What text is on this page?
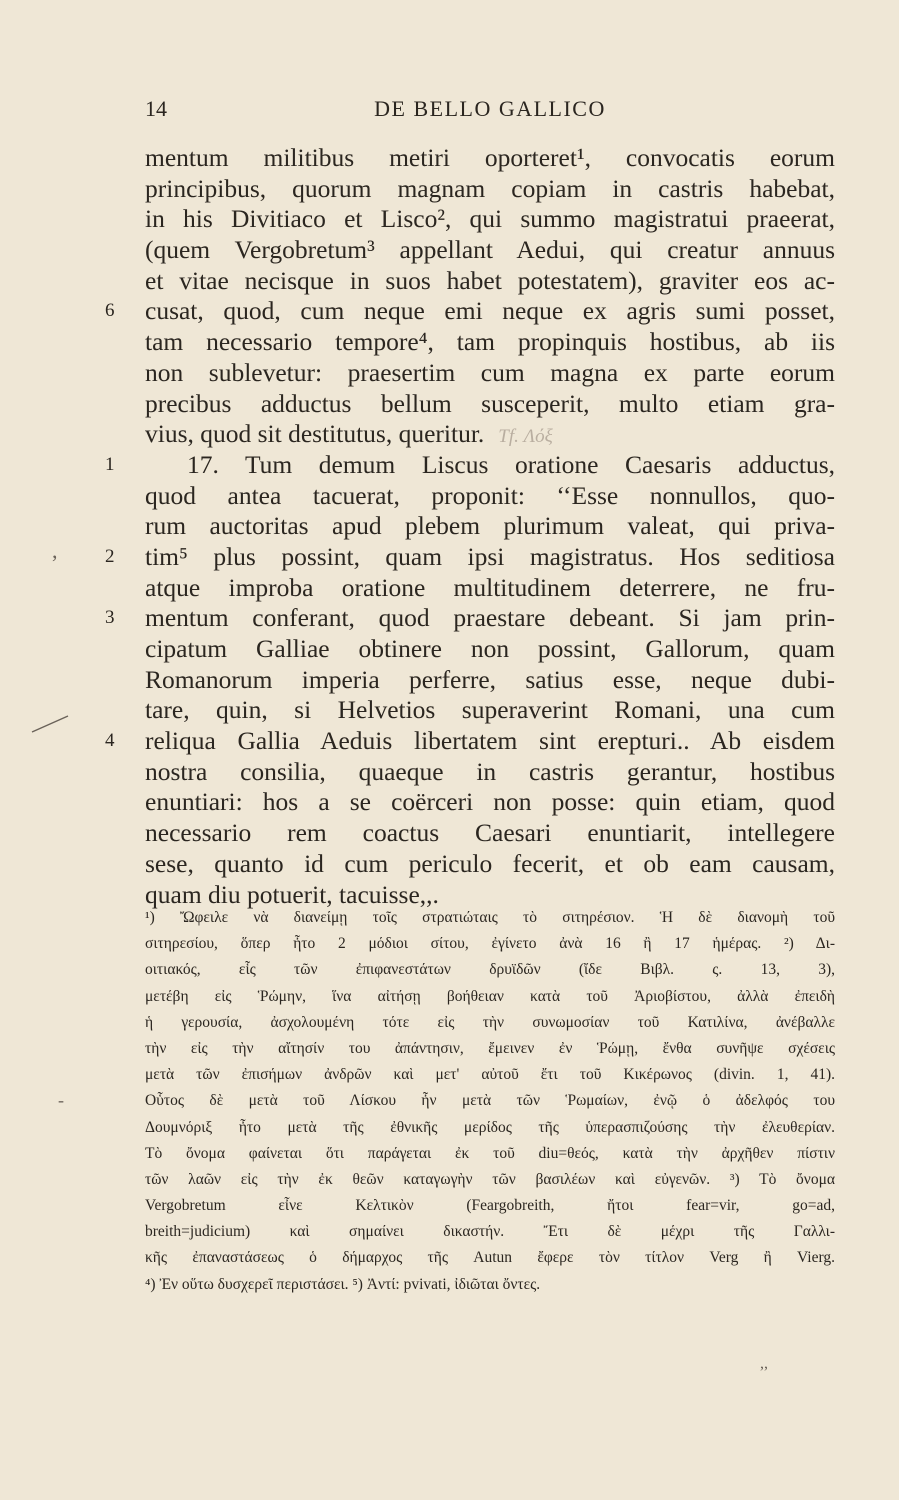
14	DE BELLO GALLICO
mentum militibus metiri oporteret¹, convocatis eorum
principibus, quorum magnam copiam in castris habebat,
in his Divitiaco et Lisco², qui summo magistratui praeerat,
(quem Vergobretum³ appellant Aedui, qui creatur annuus
et vitae necisque in suos habet potestatem), graviter eos ac-
6	cusat, quod, cum neque emi neque ex agris sumi posset,
tam necessario tempore⁴, tam propinquis hostibus, ab iis
non sublevetur: praesertim cum magna ex parte eorum
precibus adductus bellum susceperit, multo etiam gra-
vius, quod sit destitutus, queritur. Tf. Λόξ
1	17. Tum demum Liscus oratione Caesaris adductus,
quod antea tacuerat, proponit: ‘‘Esse nonnullos, quo-
rum auctoritas apud plebem plurimum valeat, qui priva-
2	tim⁵ plus possint, quam ipsi magistratus. Hos seditiosa
atque improba oratione multitudinem deterrere, ne fru-
3	mentum conferant, quod praestare debeant. Si jam prin-
cipatum Galliae obtinere non possint, Gallorum, quam
Romanorum imperia perferre, satius esse, neque dubi-
tare, quin, si Helvetios superaverint Romani, una cum
4	reliqua Gallia Aeduis libertatem sint erepturi.. Ab eisdem
nostra consilia, quaeque in castris gerantur, hostibus
enuntiari: hos a se coërceri non posse: quin etiam, quod
necessario rem coactus Caesari enuntiarit, intellegere
sese, quanto id cum periculo fecerit, et ob eam causam,
quam diu potuerit, tacuisse,,.
¹) Ὤφειλε νὰ διανείμῃ τοῖς στρατιώταις τὸ σιτηρέσιον. Ἡ δὲ διανομὴ τοῦ
σιτηρεσίου, ὅπερ ἦτο 2 μόδιοι σίτου, ἐγίνετο ἀνὰ 16 ἢ 17 ἡμέρας. ²) Δι-
οιτιακός, εἷς τῶν ἐπιφανεστάτων δρυϊδῶν (ἴδε Βιβλ. ς. 13, 3),
μετέβη εἰς Ῥώμην, ἵνα αἰτήσῃ βοήθειαν κατὰ τοῦ Ἀριοβίστου, ἀλλὰ ἐπειδὴ
ἡ γερουσία, ἀσχολουμένη τότε εἰς τὴν συνωμοσίαν τοῦ Κατιλίνα, ἀνέβαλλε
τὴν εἰς τὴν αἴτησίν του ἀπάντησιν, ἔμεινεν ἐν Ῥώμῃ, ἔνθα συνῆψε σχέσεις
μετὰ τῶν ἐπισήμων ἀνδρῶν καὶ μετ' αὐτοῦ ἔτι τοῦ Κικέρωνος (divin. 1, 41).
Οὗτος δὲ μετὰ τοῦ Λίσκου ἦν μετὰ τῶν Ῥωμαίων, ἐνῷ ὁ ἀδελφός του
Δουμνόριξ ἦτο μετὰ τῆς ἐθνικῆς μερίδος τῆς ὑπερασπιζούσης τὴν ἐλευθερίαν.
Τὸ ὄνομα φαίνεται ὅτι παράγεται ἐκ τοῦ diu=θεός, κατὰ τὴν ἀρχῆθεν πίστιν
τῶν λαῶν εἰς τὴν ἐκ θεῶν καταγωγὴν τῶν βασιλέων καὶ εὐγενῶν. ³) Τὸ ὄνομα
Vergobretum εἶνε Κελτικὸν (Feargobreith, ἤτοι fear=vir, go=ad,
breith=judicium) καὶ σημαίνει δικαστήν. Ἔτι δὲ μέχρι τῆς Γαλλι-
κῆς ἐπαναστάσεως ὁ δήμαρχος τῆς Autun ἔφερε τὸν τίτλον Verg ἢ Vierg.
⁴) Ἐν οὕτω δυσχερεῖ περιστάσει. ⁵) Ἀντί: pvivati, ἰδιῶται ὄντες.
,
-
,,
